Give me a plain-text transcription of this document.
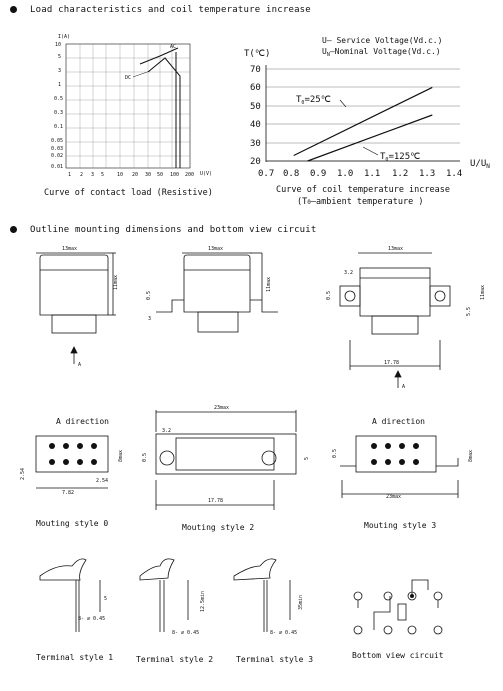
Load characteristics and coil temperature increase
I(A)
10
5
3
1
0.5
0.3
0.1
0.05
0.03
0.02
0.01
1 2 3 5	10 20 30 50 100 200 U(V)
AC
DC
Curve of contact load (Resistive)
U— Service Voltage(Vd.c.)
$U_N—Nominal$ Voltage(Vd.c.)
T(℃)
70
60
50
40
30
20
0.7 0.8 0.9 1.0 1.1 1.2 1.3 1.4
$U/U_N$
$T_0=25℃$
$T_0=125℃$
Curve of coil temperature increase
(T0—ambient temperature )
Outline mounting dimensions and bottom view circuit
13max
11max
13max
11max
0.5
3
13max
3.2
0.5
5.5
11max
17.78
A
A
A direction	A direction
23max
3.2
0.5	5
8max	8max
0.5
2.54
2.54
7.82
17.78
23max
Mouting style 0	Mouting style 2	Mouting style 3
5	12.5min	35min
8- ∅ 0.45
8- ∅ 0.45	8- ∅ 0.45
Terminal style 1	Terminal style 2	Terminal style 3	Bottom view circuit
